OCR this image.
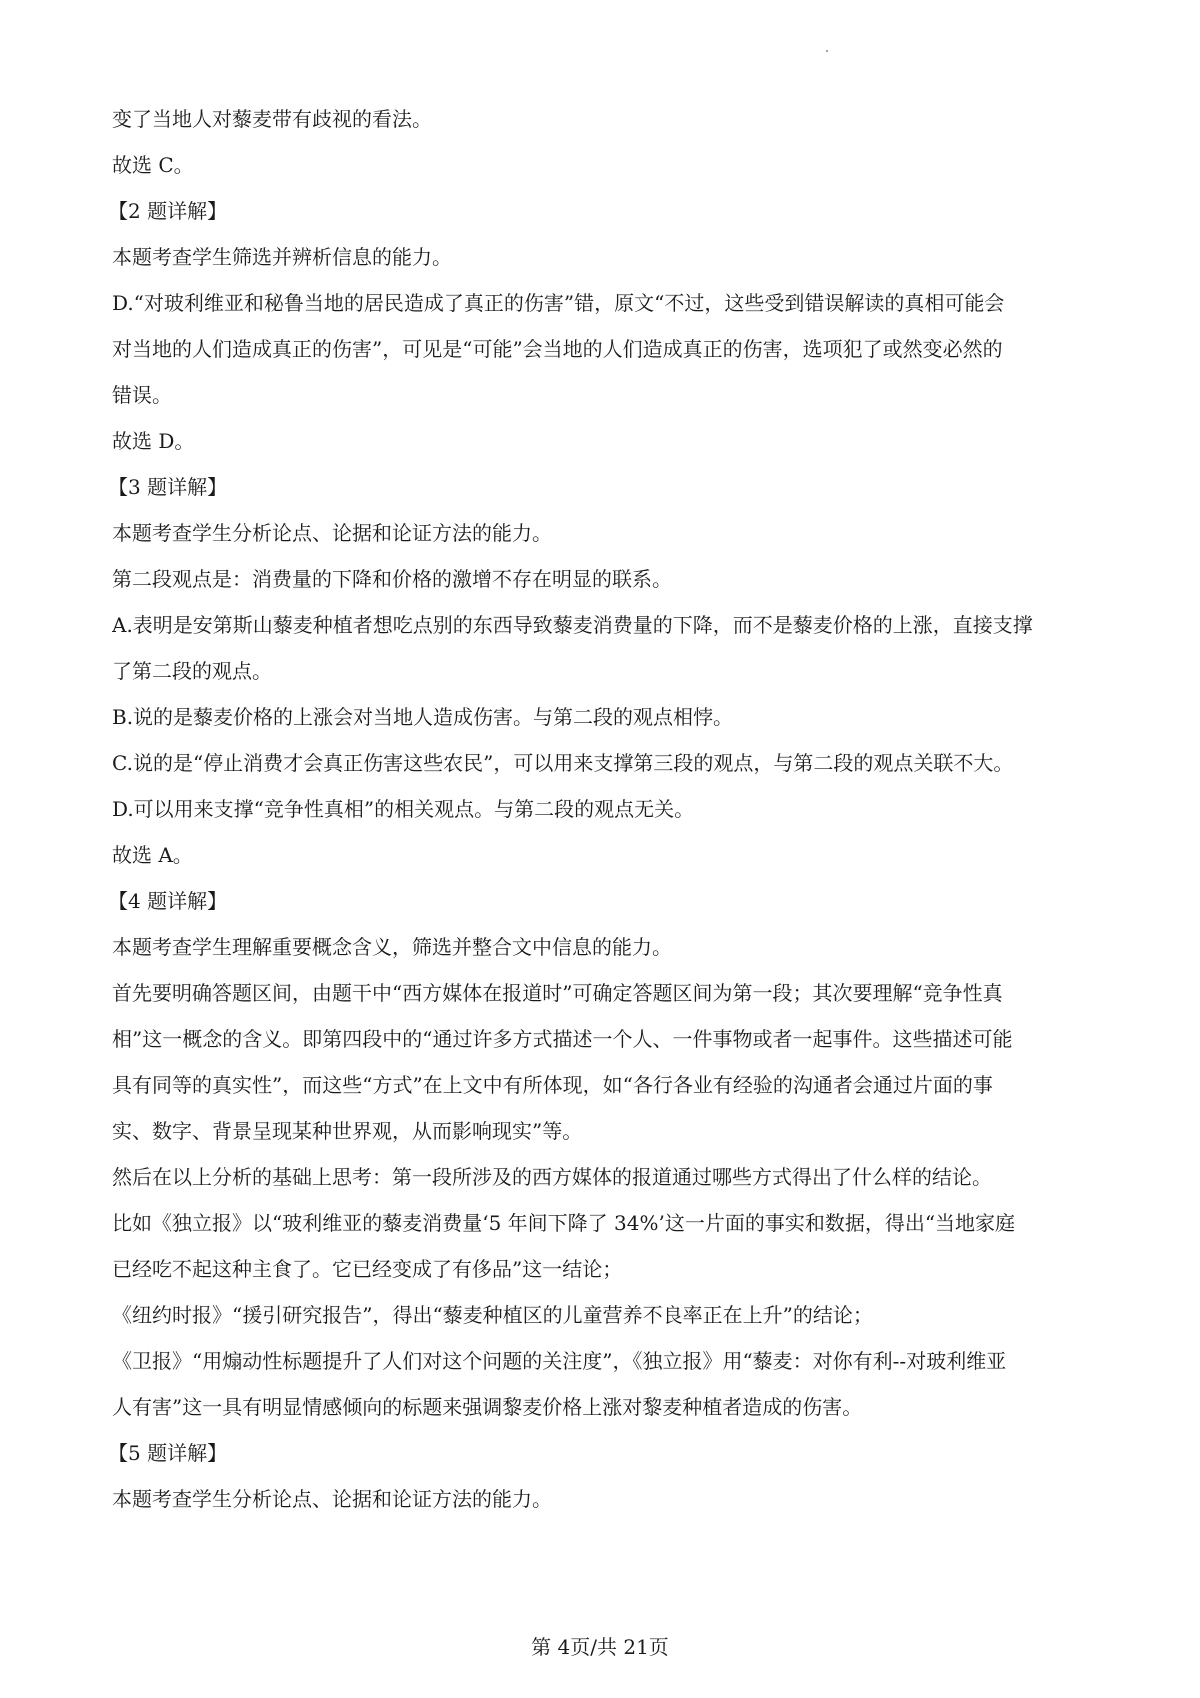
变了当地人对藜麦带有歧视的看法。

故选 C。

【2 题详解】

本题考查学生筛选并辨析信息的能力。

D.“对玻利维亚和秘鲁当地的居民造成了真正的伤害”错，原文“不过，这些受到错误解读的真相可能会

对当地的人们造成真正的伤害”，可见是“可能”会当地的人们造成真正的伤害，选项犯了或然变必然的

错误。

故选 D。

【3 题详解】

本题考查学生分析论点、论据和论证方法的能力。

第二段观点是：消费量的下降和价格的激增不存在明显的联系。

A.表明是安第斯山藜麦种植者想吃点别的东西导致藜麦消费量的下降，而不是藜麦价格的上涨，直接支撑

了第二段的观点。

B.说的是藜麦价格的上涨会对当地人造成伤害。与第二段的观点相悖。

C.说的是“停止消费才会真正伤害这些农民”，可以用来支撑第三段的观点，与第二段的观点关联不大。

D.可以用来支撑“竞争性真相”的相关观点。与第二段的观点无关。

故选 A。

【4 题详解】

本题考查学生理解重要概念含义，筛选并整合文中信息的能力。

首先要明确答题区间，由题干中“西方媒体在报道时”可确定答题区间为第一段；其次要理解“竞争性真

相”这一概念的含义。即第四段中的“通过许多方式描述一个人、一件事物或者一起事件。这些描述可能

具有同等的真实性”，而这些“方式”在上文中有所体现，如“各行各业有经验的沟通者会通过片面的事

实、数字、背景呈现某种世界观，从而影响现实”等。

然后在以上分析的基础上思考：第一段所涉及的西方媒体的报道通过哪些方式得出了什么样的结论。

比如《独立报》以“玻利维亚的藜麦消费量‘5 年间下降了 34%’这一片面的事实和数据，得出“当地家庭

已经吃不起这种主食了。它已经变成了有侈品”这一结论；

《纽约时报》“援引研究报告”，得出“藜麦种植区的儿童营养不良率正在上升”的结论；

《卫报》“用煽动性标题提升了人们对这个问题的关注度”，《独立报》用“藜麦：对你有利--对玻利维亚

人有害”这一具有明显情感倾向的标题来强调黎麦价格上涨对黎麦种植者造成的伤害。

【5 题详解】

本题考查学生分析论点、论据和论证方法的能力。

第 4页/共 21页
